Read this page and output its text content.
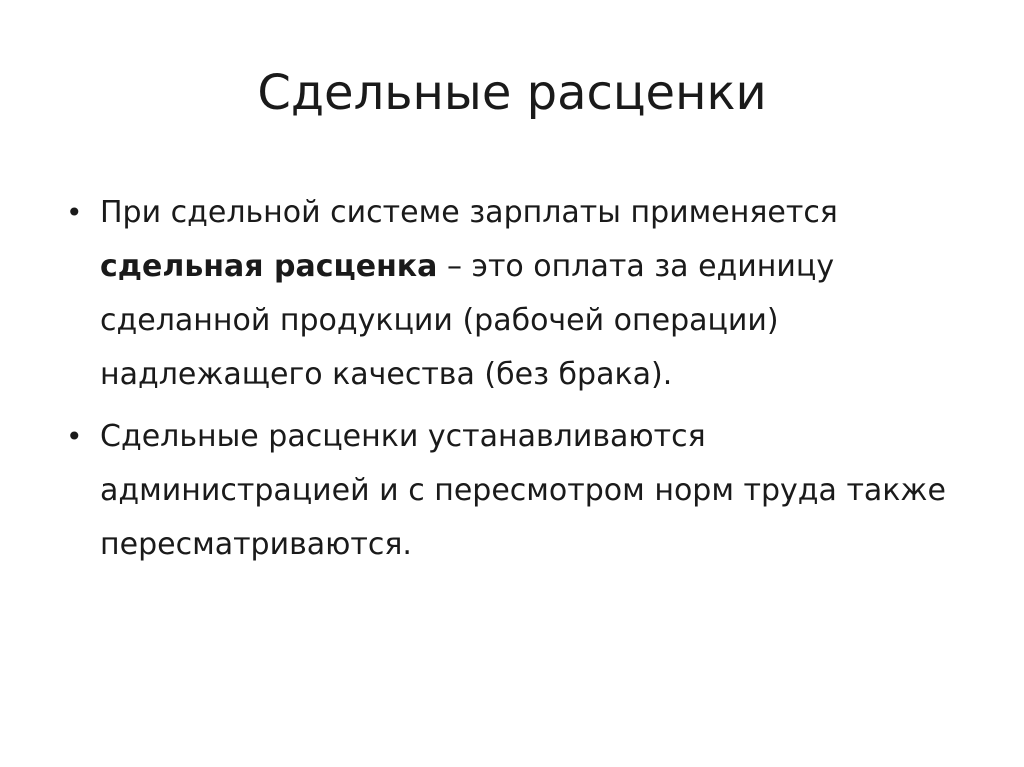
Сдельные расценки
• При сдельной системе зарплаты применяется сдельная расценка – это оплата за единицу сделанной продукции (рабочей операции) надлежащего качества (без брака).
• Сдельные расценки устанавливаются администрацией и с пересмотром норм труда также пересматриваются.
